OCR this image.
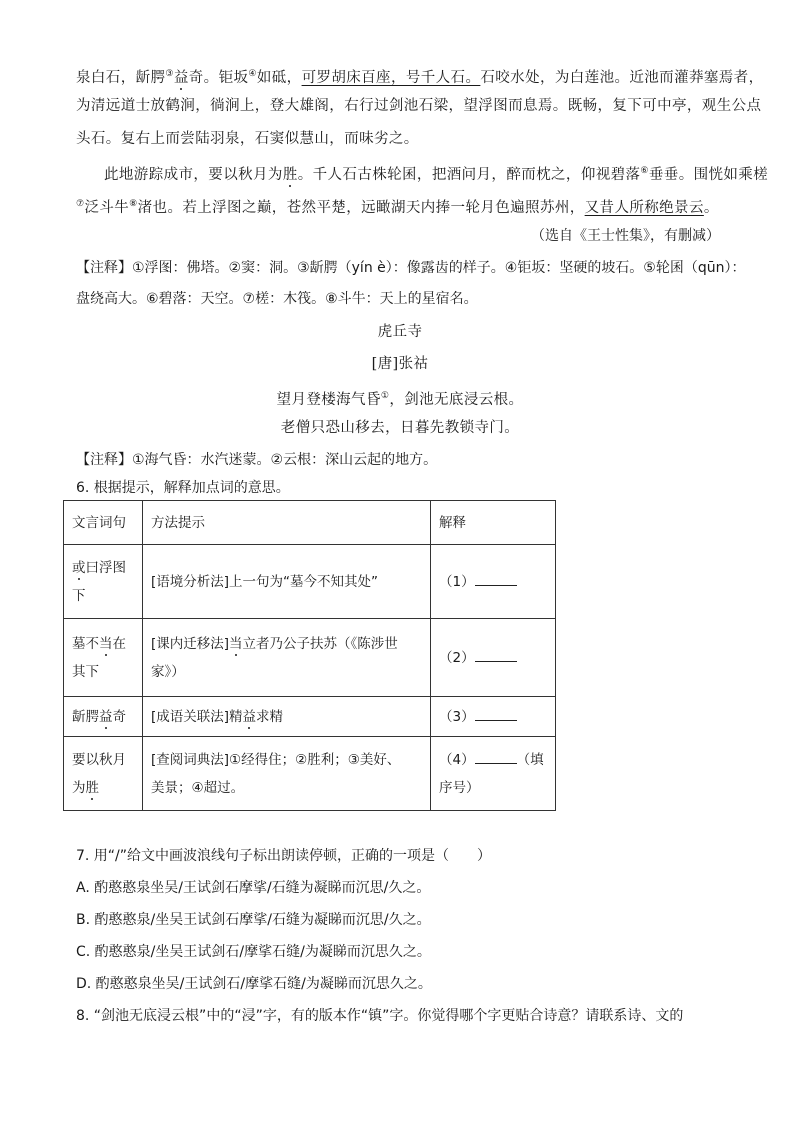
泉白石，龂腭③益奇。钜坂④如砥，可罗胡床百座，号千人石。石咬水处，为白莲池。近池而灌莽塞焉者，
为清远道士放鹤涧，徜涧上，登大雄阁，右行过剑池石梁，望浮图而息焉。既畅，复下可中亭，观生公点
头石。复右上而尝陆羽泉，石窦似慧山，而味劣之。
此地游踪成市，要以秋月为胜。千人石古株轮囷，把酒问月，醉而枕之，仰视碧落⑥垂垂。围恍如乘槎
⑦泛斗牛⑧渚也。若上浮图之巅，苍然平楚，远瞰湖天内捧一轮月色遍照苏州，又昔人所称绝景云。
（选自《王士性集》，有删减）
【注释】①浮图：佛塔。②窦：洞。③龂腭（yín è）：像露齿的样子。④钜坂：坚硬的坡石。⑤轮囷（qūn）：
盘绕高大。⑥碧落：天空。⑦槎：木筏。⑧斗牛：天上的星宿名。
虎丘寺
[唐]张祜
望月登楼海气昏①，剑池无底浸云根。
老僧只恐山移去，日暮先教锁寺门。
【注释】①海气昏：水汽迷蒙。②云根：深山云起的地方。
6. 根据提示，解释加点词的意思。
文言词句	方法提示	解释
或曰浮图
下	[语境分析法]上一句为“墓今不知其处”	（1）
墓不当在
其下	[课内迁移法]当立者乃公子扶苏（《陈涉世
家》）	（2）
龂腭益奇	[成语关联法]精益求精	（3）
要以秋月
为胜	[查阅词典法]①经得住；②胜利；③美好、
美景；④超过。	（4） （填
序号）
7. 用“/”给文中画波浪线句子标出朗读停顿，正确的一项是（　　）
A. 酌憨憨泉坐吴/王试剑石摩挲/石缝为凝睇而沉思/久之。
B. 酌憨憨泉/坐吴王试剑石摩挲/石缝为凝睇而沉思/久之。
C. 酌憨憨泉/坐吴王试剑石/摩挲石缝/为凝睇而沉思久之。
D. 酌憨憨泉坐吴/王试剑石/摩挲石缝/为凝睇而沉思久之。
8. “剑池无底浸云根”中的“浸”字，有的版本作“镇”字。你觉得哪个字更贴合诗意？请联系诗、文的
